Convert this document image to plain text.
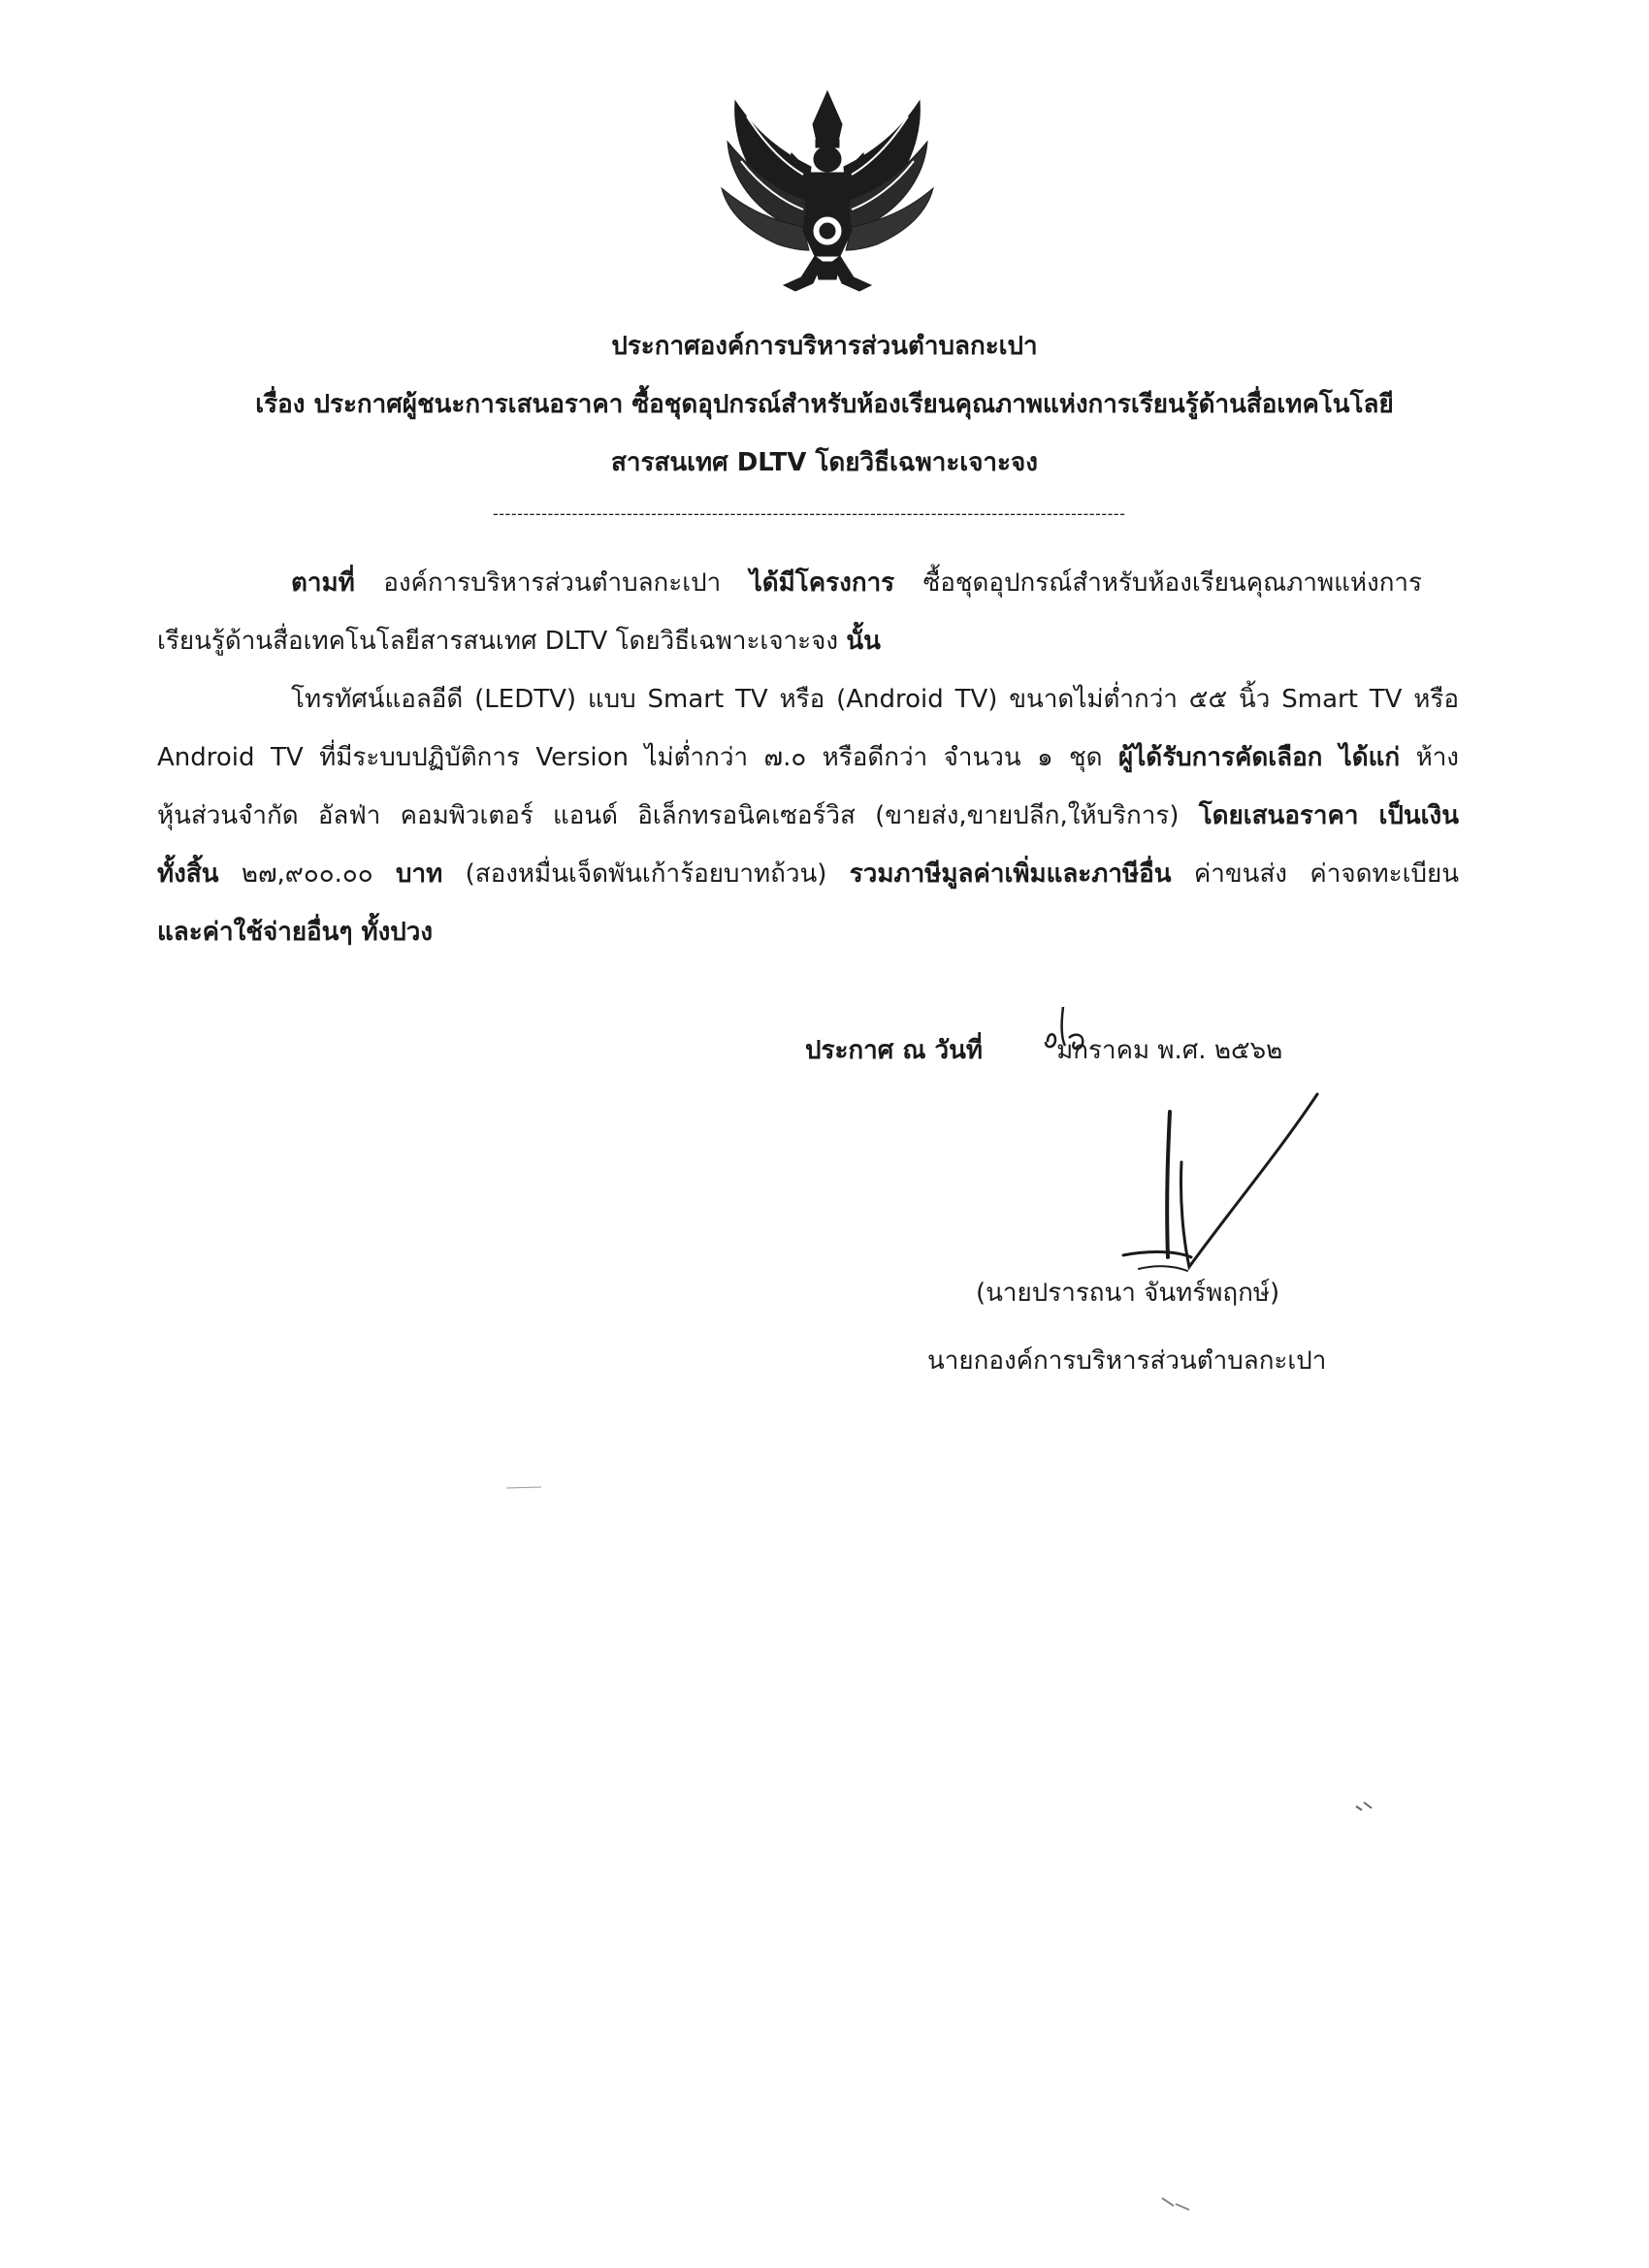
ประกาศองค์การบริหารส่วนตำบลกะเปา
เรื่อง ประกาศผู้ชนะการเสนอราคา ซื้อชุดอุปกรณ์สำหรับห้องเรียนคุณภาพแห่งการเรียนรู้ด้านสื่อเทคโนโลยี
สารสนเทศ DLTV โดยวิธีเฉพาะเจาะจง
--------------------------------------------------------------------------------------------------------
ตามที่ องค์การบริหารส่วนตำบลกะเปา ได้มีโครงการ ซื้อชุดอุปกรณ์สำหรับห้องเรียนคุณภาพแห่งการ
เรียนรู้ด้านสื่อเทคโนโลยีสารสนเทศ DLTV โดยวิธีเฉพาะเจาะจง นั้น
โทรทัศน์แอลอีดี (LEDTV) แบบ Smart TV หรือ (Android TV) ขนาดไม่ต่ำกว่า ๕๕ นิ้ว Smart TV หรือ
Android TV ที่มีระบบปฏิบัติการ Version ไม่ต่ำกว่า ๗.๐ หรือดีกว่า จำนวน ๑ ชุด ผู้ได้รับการคัดเลือก ได้แก่ ห้าง
หุ้นส่วนจำกัด อัลฟ่า คอมพิวเตอร์ แอนด์ อิเล็กทรอนิคเซอร์วิส (ขายส่ง,ขายปลีก,ให้บริการ) โดยเสนอราคา เป็นเงิน
ทั้งสิ้น ๒๗,๙๐๐.๐๐ บาท (สองหมื่นเจ็ดพันเก้าร้อยบาทถ้วน) รวมภาษีมูลค่าเพิ่มและภาษีอื่น ค่าขนส่ง ค่าจดทะเบียน
และค่าใช้จ่ายอื่นๆ ทั้งปวง
ประกาศ ณ วันที่	มกราคม พ.ศ. ๒๕๖๒
(นายปรารถนา จันทร์พฤกษ์)
นายกองค์การบริหารส่วนตำบลกะเปา
